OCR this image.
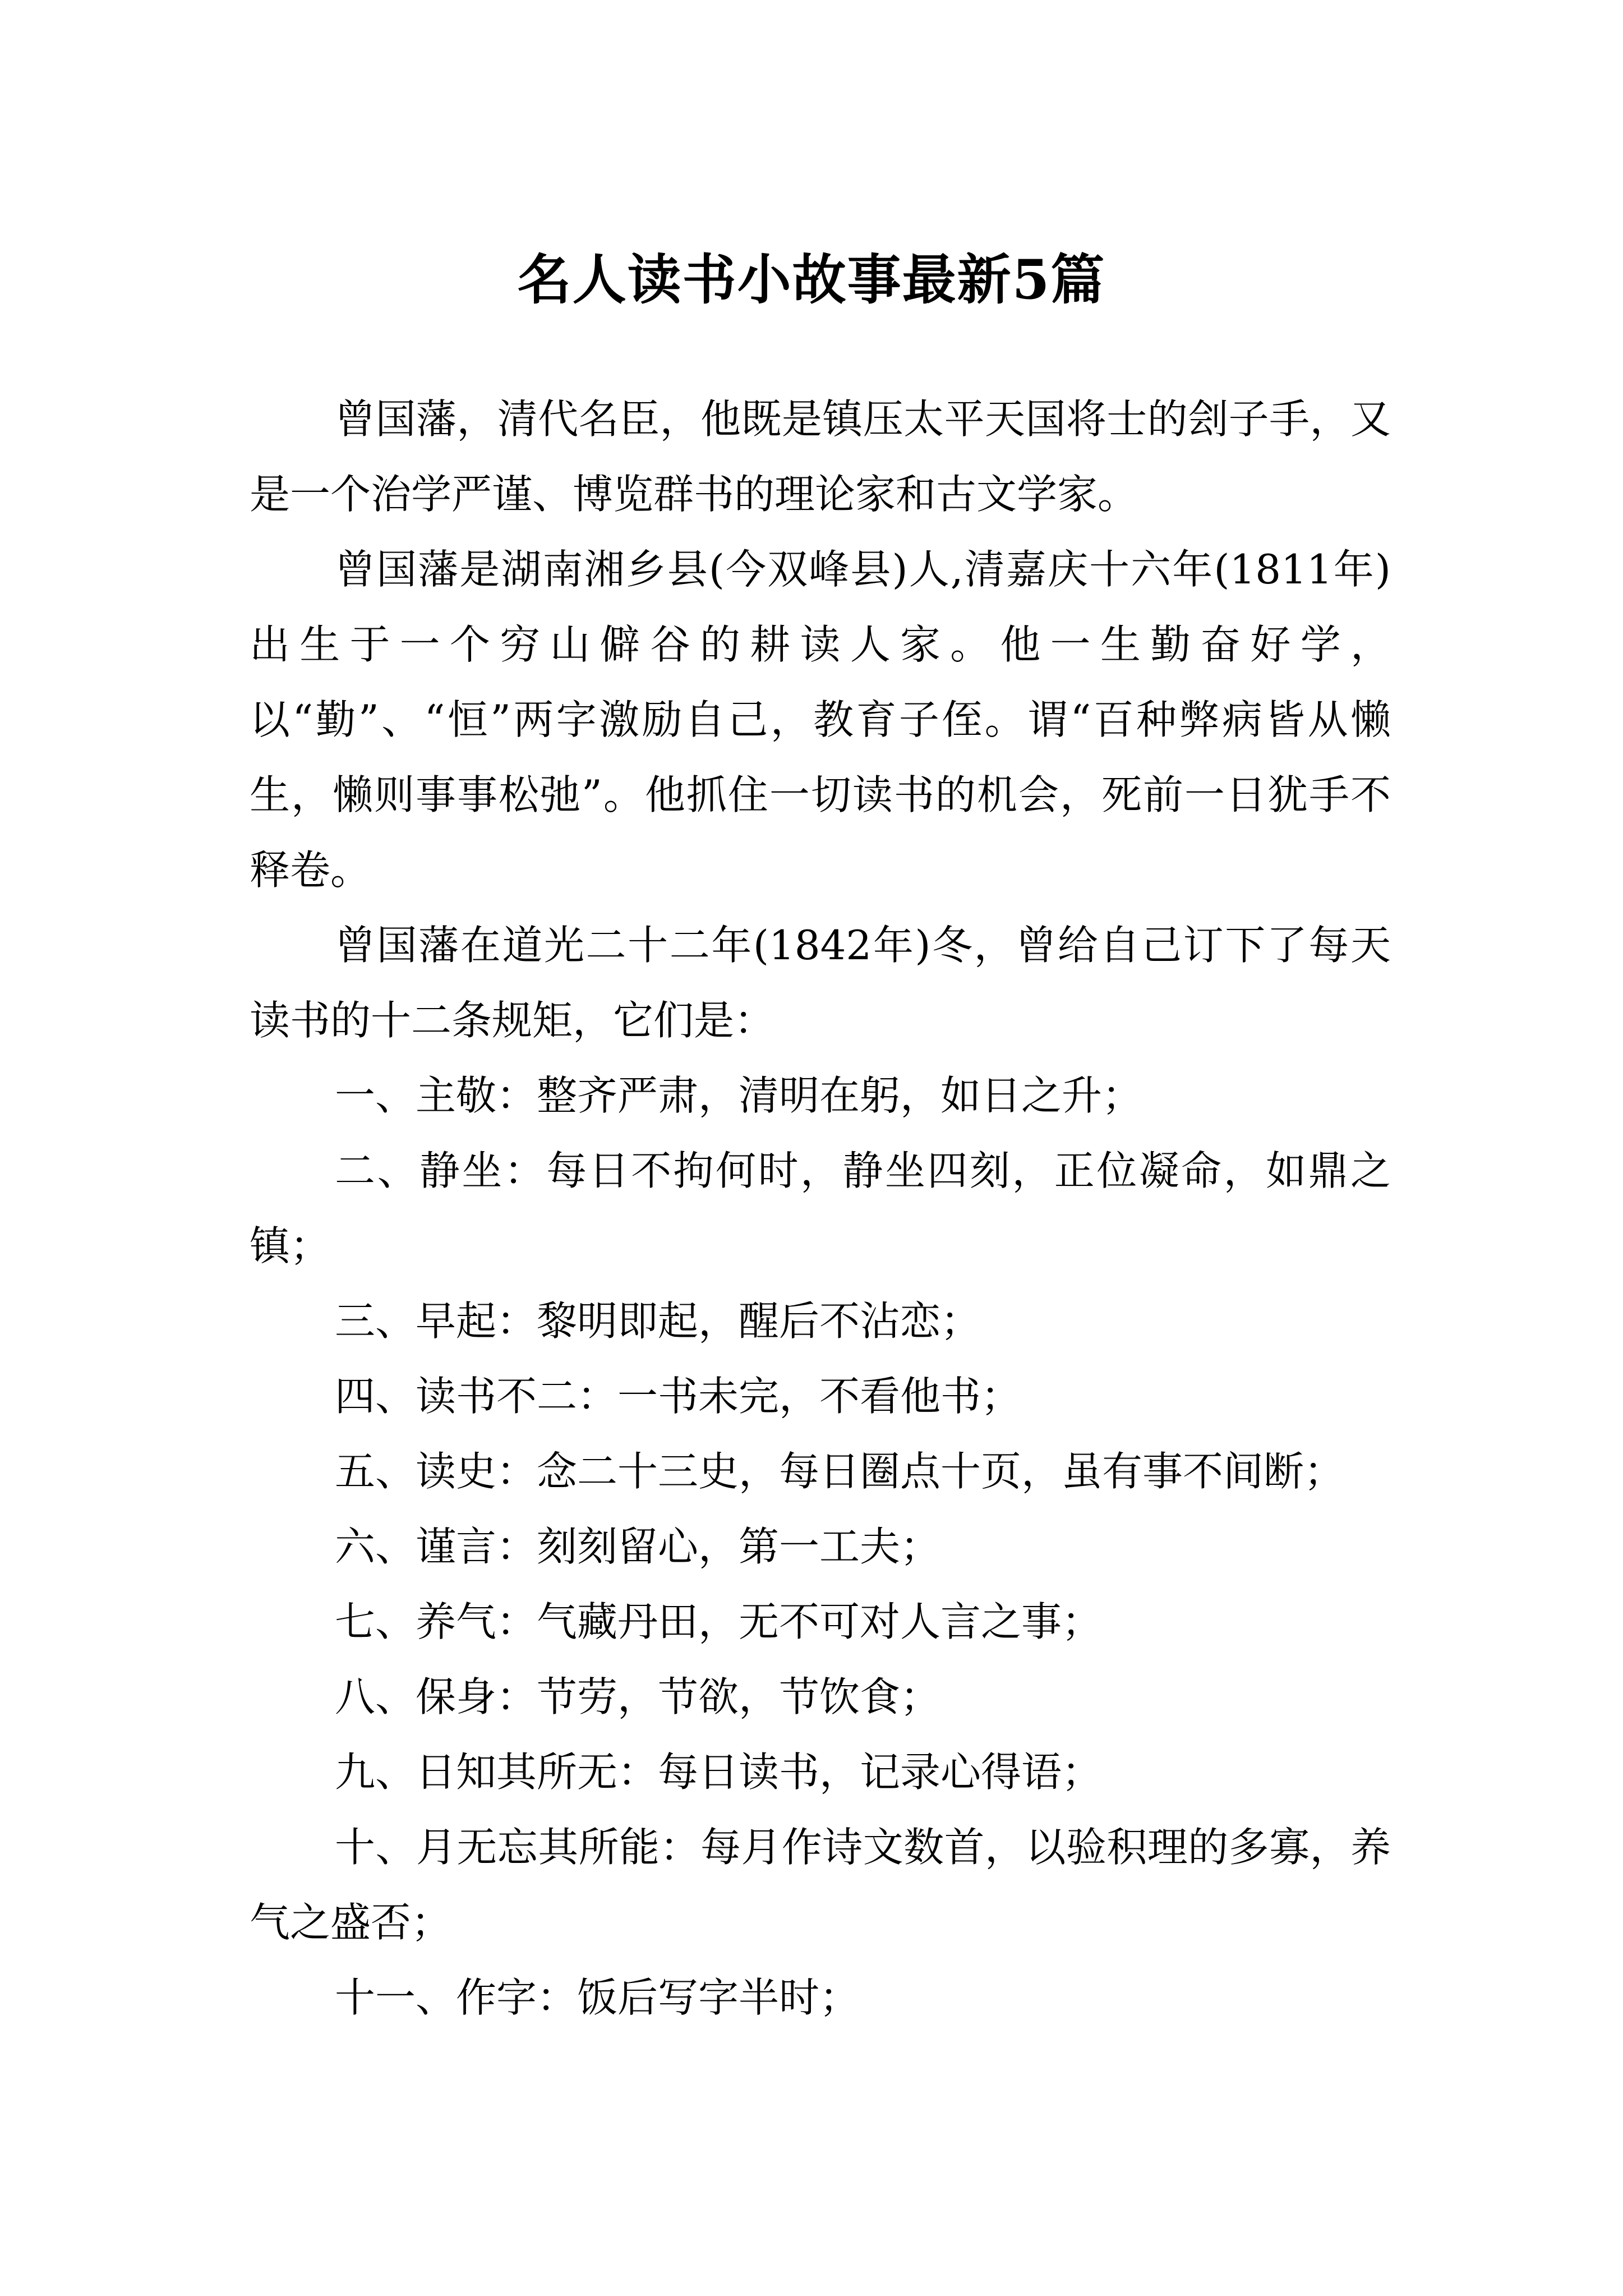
名人读书小故事最新5篇

曾国藩，清代名臣，他既是镇压太平天国将士的刽子手，又是一个治学严谨、博览群书的理论家和古文学家。

曾国藩是湖南湘乡县(今双峰县)人,清嘉庆十六年(1811年)出生于一个穷山僻谷的耕读人家。他一生勤奋好学，以“勤”、“恒”两字激励自己，教育子侄。谓“百种弊病皆从懒生，懒则事事松弛”。他抓住一切读书的机会，死前一日犹手不释卷。

曾国藩在道光二十二年(1842年)冬，曾给自己订下了每天读书的十二条规矩，它们是：

一、主敬：整齐严肃，清明在躬，如日之升；

二、静坐：每日不拘何时，静坐四刻，正位凝命，如鼎之镇；

三、早起：黎明即起，醒后不沾恋；

四、读书不二：一书未完，不看他书；

五、读史：念二十三史，每日圈点十页，虽有事不间断；

六、谨言：刻刻留心，第一工夫；

七、养气：气藏丹田，无不可对人言之事；

八、保身：节劳，节欲，节饮食；

九、日知其所无：每日读书，记录心得语；

十、月无忘其所能：每月作诗文数首，以验积理的多寡，养气之盛否；

十一、作字：饭后写字半时；
